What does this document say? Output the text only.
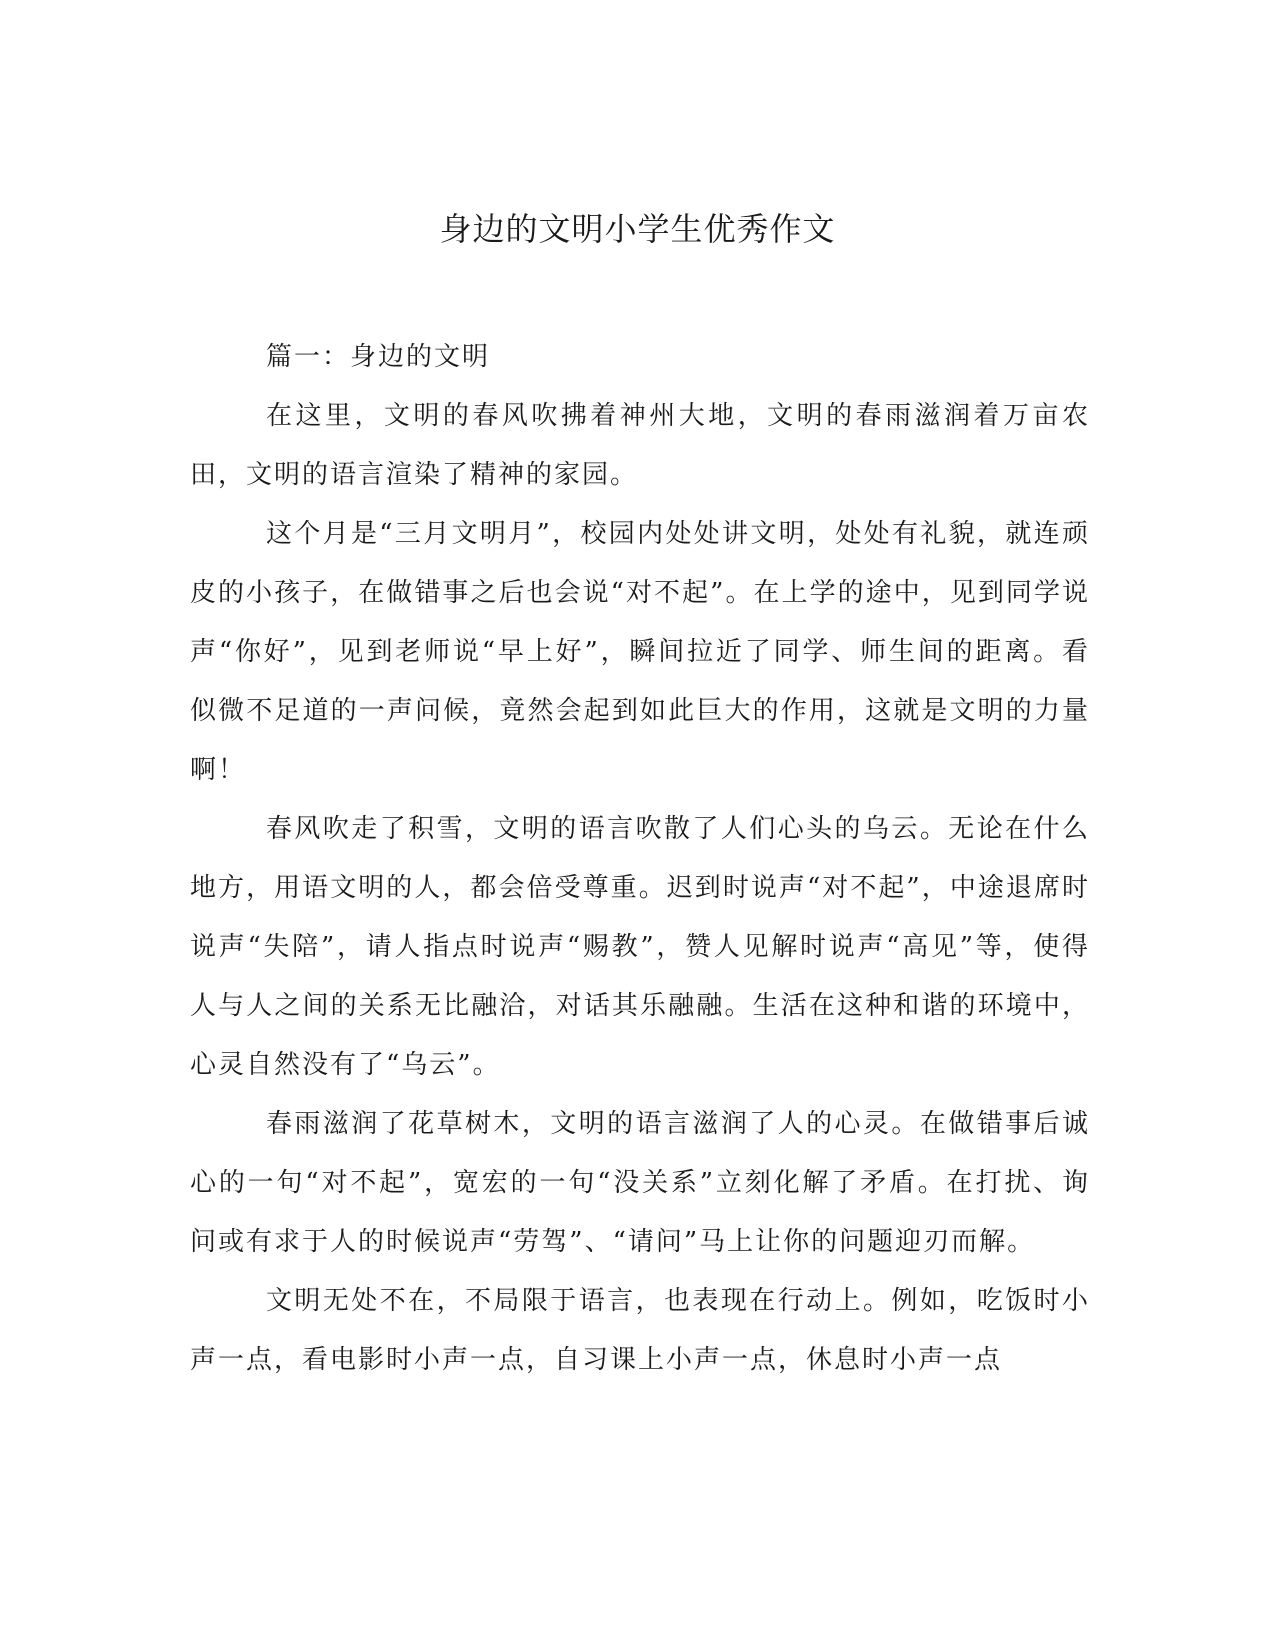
身边的文明小学生优秀作文

篇一：身边的文明

在这里，文明的春风吹拂着神州大地，文明的春雨滋润着万亩农田，文明的语言渲染了精神的家园。

这个月是“三月文明月”，校园内处处讲文明，处处有礼貌，就连顽皮的小孩子，在做错事之后也会说“对不起”。在上学的途中，见到同学说声“你好”，见到老师说“早上好”，瞬间拉近了同学、师生间的距离。看似微不足道的一声问候，竟然会起到如此巨大的作用，这就是文明的力量啊！

春风吹走了积雪，文明的语言吹散了人们心头的乌云。无论在什么地方，用语文明的人，都会倍受尊重。迟到时说声“对不起”，中途退席时说声“失陪”，请人指点时说声“赐教”，赞人见解时说声“高见”等，使得人与人之间的关系无比融洽，对话其乐融融。生活在这种和谐的环境中，心灵自然没有了“乌云”。

春雨滋润了花草树木，文明的语言滋润了人的心灵。在做错事后诚心的一句“对不起”，宽宏的一句“没关系”立刻化解了矛盾。在打扰、询问或有求于人的时候说声“劳驾”、“请问”马上让你的问题迎刃而解。

文明无处不在，不局限于语言，也表现在行动上。例如，吃饭时小声一点，看电影时小声一点，自习课上小声一点，休息时小声一点
